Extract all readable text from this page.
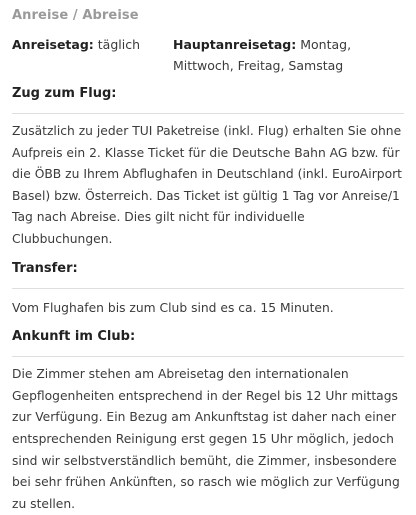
Anreise / Abreise
Anreisetag: täglich	Hauptanreisetag: Montag, Mittwoch, Freitag, Samstag
Zug zum Flug:

Zusätzlich zu jeder TUI Paketreise (inkl. Flug) erhalten Sie ohne Aufpreis ein 2. Klasse Ticket für die Deutsche Bahn AG bzw. für die ÖBB zu Ihrem Abflughafen in Deutschland (inkl. EuroAirport Basel) bzw. Österreich. Das Ticket ist gültig 1 Tag vor Anreise/1 Tag nach Abreise. Dies gilt nicht für individuelle Clubbuchungen.

Transfer:

Vom Flughafen bis zum Club sind es ca. 15 Minuten.

Ankunft im Club:

Die Zimmer stehen am Abreisetag den internationalen Gepflogenheiten entsprechend in der Regel bis 12 Uhr mittags zur Verfügung. Ein Bezug am Ankunftstag ist daher nach einer entsprechenden Reinigung erst gegen 15 Uhr möglich, jedoch sind wir selbstverständlich bemüht, die Zimmer, insbesondere bei sehr frühen Ankünften, so rasch wie möglich zur Verfügung zu stellen.
